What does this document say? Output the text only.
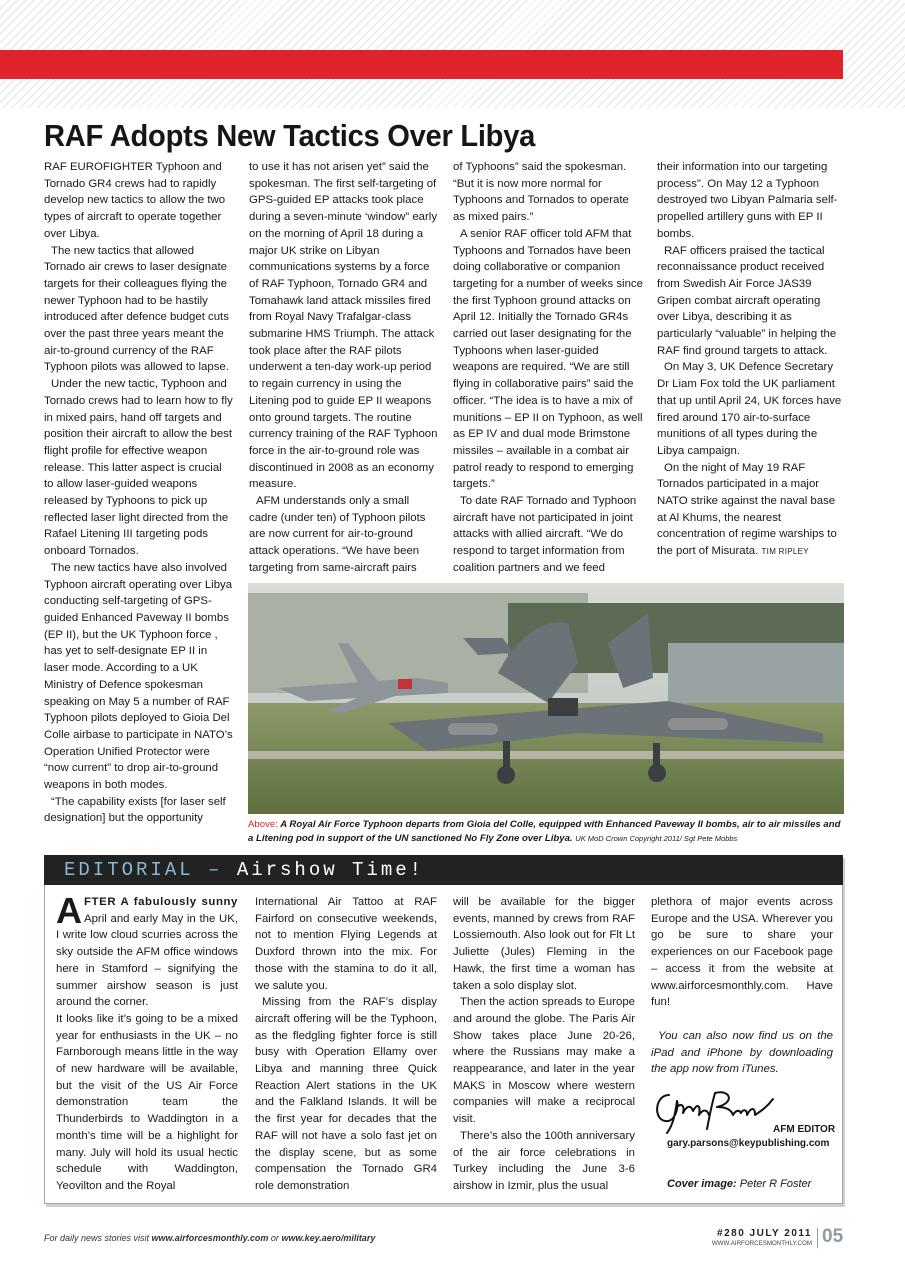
RAF Adopts New Tactics Over Libya

RAF EUROFIGHTER Typhoon and Tornado GR4 crews had to rapidly develop new tactics to allow the two types of aircraft to operate together over Libya.

The new tactics that allowed Tornado air crews to laser designate targets for their colleagues flying the newer Typhoon had to be hastily introduced after defence budget cuts over the past three years meant the air-to-ground currency of the RAF Typhoon pilots was allowed to lapse.

Under the new tactic, Typhoon and Tornado crews had to learn how to fly in mixed pairs, hand off targets and position their aircraft to allow the best flight profile for effective weapon release. This latter aspect is crucial to allow laser-guided weapons released by Typhoons to pick up reflected laser light directed from the Rafael Litening III targeting pods onboard Tornados.

The new tactics have also involved Typhoon aircraft operating over Libya conducting self-targeting of GPS-guided Enhanced Paveway II bombs (EP II), but the UK Typhoon force , has yet to self-designate EP II in laser mode. According to a UK Ministry of Defence spokesman speaking on May 5 a number of RAF Typhoon pilots deployed to Gioia Del Colle airbase to participate in NATO’s Operation Unified Protector were “now current” to drop air-to-ground weapons in both modes.

“The capability exists [for laser self designation] but the opportunity

to use it has not arisen yet” said the spokesman. The first self-targeting of GPS-guided EP attacks took place during a seven-minute ‘window” early on the morning of April 18 during a major UK strike on Libyan communications systems by a force of RAF Typhoon, Tornado GR4 and Tomahawk land attack missiles fired from Royal Navy Trafalgar-class submarine HMS Triumph. The attack took place after the RAF pilots underwent a ten-day work-up period to regain currency in using the Litening pod to guide EP II weapons onto ground targets. The routine currency training of the RAF Typhoon force in the air-to-ground role was discontinued in 2008 as an economy measure.

AFM understands only a small cadre (under ten) of Typhoon pilots are now current for air-to-ground attack operations. “We have been targeting from same-aircraft pairs

of Typhoons” said the spokesman. “But it is now more normal for Typhoons and Tornados to operate as mixed pairs.”

A senior RAF officer told AFM that Typhoons and Tornados have been doing collaborative or companion targeting for a number of weeks since the first Typhoon ground attacks on April 12. Initially the Tornado GR4s carried out laser designating for the Typhoons when laser-guided weapons are required. “We are still flying in collaborative pairs” said the officer. “The idea is to have a mix of munitions – EP II on Typhoon, as well as EP IV and dual mode Brimstone missiles – available in a combat air patrol ready to respond to emerging targets.”

To date RAF Tornado and Typhoon aircraft have not participated in joint attacks with allied aircraft. “We do respond to target information from coalition partners and we feed

their information into our targeting process". On May 12 a Typhoon destroyed two Libyan Palmaria self-propelled artillery guns with EP II bombs.

RAF officers praised the tactical reconnaissance product received from Swedish Air Force JAS39 Gripen combat aircraft operating over Libya, describing it as particularly “valuable” in helping the RAF find ground targets to attack.

On May 3, UK Defence Secretary Dr Liam Fox told the UK parliament that up until April 24, UK forces have fired around 170 air-to-surface munitions of all types during the Libya campaign.

On the night of May 19 RAF Tornados participated in a major NATO strike against the naval base at Al Khums, the nearest concentration of regime warships to the port of Misurata. TIM RIPLEY

Above: A Royal Air Force Typhoon departs from Gioia del Colle, equipped with Enhanced Paveway II bombs, air to air missiles and a Litening pod in support of the UN sanctioned No Fly Zone over Libya. UK MoD Crown Copyright 2011/ Sgt Pete Mobbs
EDITORIAL – Airshow Time!

AFTER A fabulously sunny April and early May in the UK, I write low cloud scurries across the sky outside the AFM office windows here in Stamford – signifying the summer airshow season is just around the corner.

It looks like it’s going to be a mixed year for enthusiasts in the UK – no Farnborough means little in the way of new hardware will be available, but the visit of the US Air Force demonstration team the Thunderbirds to Waddington in a month’s time will be a highlight for many. July will hold its usual hectic schedule with Waddington, Yeovilton and the Royal

International Air Tattoo at RAF Fairford on consecutive weekends, not to mention Flying Legends at Duxford thrown into the mix. For those with the stamina to do it all, we salute you.

Missing from the RAF’s display aircraft offering will be the Typhoon, as the fledgling fighter force is still busy with Operation Ellamy over Libya and manning three Quick Reaction Alert stations in the UK and the Falkland Islands. It will be the first year for decades that the RAF will not have a solo fast jet on the display scene, but as some compensation the Tornado GR4 role demonstration

will be available for the bigger events, manned by crews from RAF Lossiemouth. Also look out for Flt Lt Juliette (Jules) Fleming in the Hawk, the first time a woman has taken a solo display slot.

Then the action spreads to Europe and around the globe. The Paris Air Show takes place June 20-26, where the Russians may make a reappearance, and later in the year MAKS in Moscow where western companies will make a reciprocal visit.

There’s also the 100th anniversary of the air force celebrations in Turkey including the June 3-6 airshow in Izmir, plus the usual

plethora of major events across Europe and the USA. Wherever you go be sure to share your experiences on our Facebook page – access it from the website at www.airforcesmonthly.com. Have fun!

You can also now find us on the iPad and iPhone by downloading the app now from iTunes.

AFM EDITOR
gary.parsons@keypublishing.com
Cover image: Peter R Foster
For daily news stories visit www.airforcesmonthly.com or www.key.aero/military	#280 JULY 2011
WWW.AIRFORCESMONTHLY.COM 05
